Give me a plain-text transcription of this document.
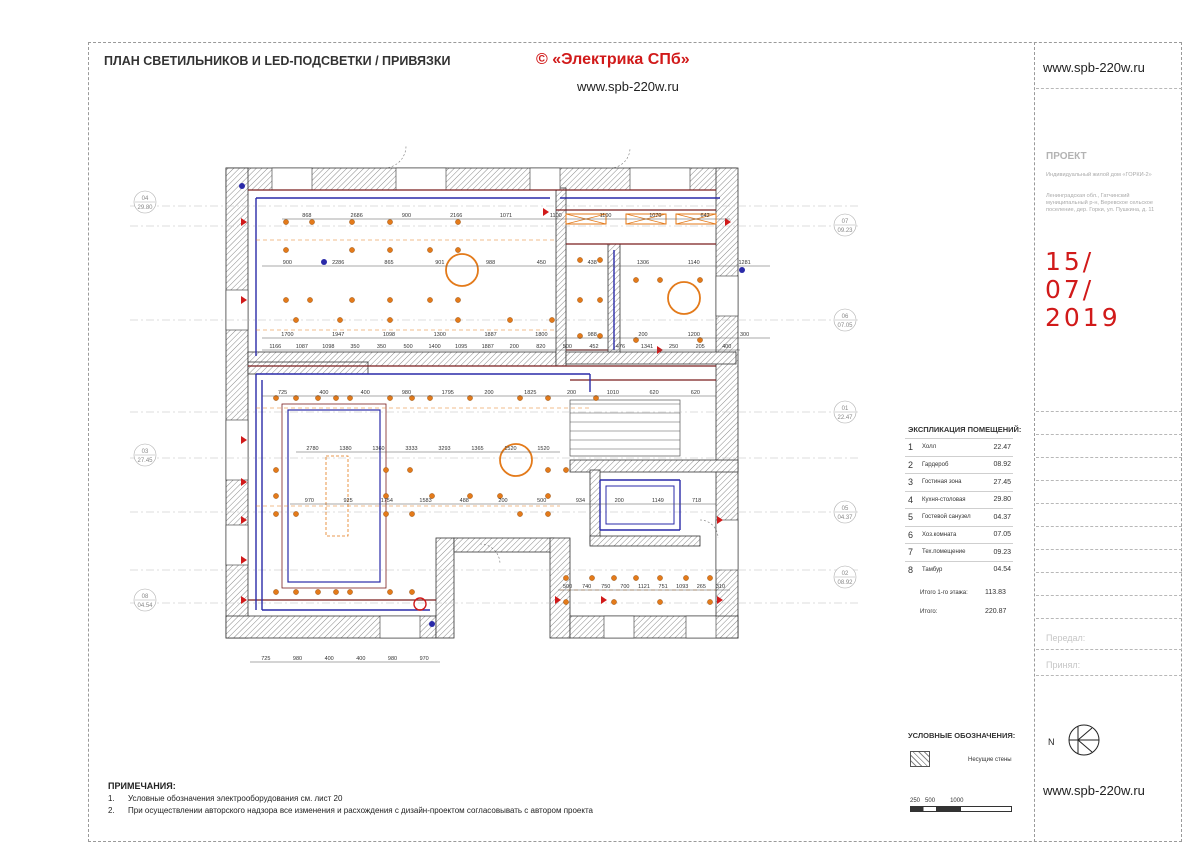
ПЛАН СВЕТИЛЬНИКОВ И LED-ПОДСВЕТКИ / ПРИВЯЗКИ	© «Электрика СПб»
www.spb-220w.ru
www.spb-220w.ru
ПРОЕКТ
Индивидуальный жилой дом «ГОРКИ-2»
Ленинградская обл., Гатчинский муниципальный р-н, Веревское сельское поселение, дер. Горки, ул. Пушкина, д. 11
15/
07/
2019
Передал:
Принял:
www.spb-220w.ru
ЭКСПЛИКАЦИЯ ПОМЕЩЕНИЙ:
1	Холл	22.47
2	Гардероб	08.92
3	Гостиная зона	27.45
4	Кухня-столовая	29.80
5	Гостевой санузел	04.37
6	Хоз.комната	07.05
7	Тех.помещение	09.23
8	Тамбур	04.54
Итого 1-го этажа: 113.83
Итого:	220.87
УСЛОВНЫЕ ОБОЗНАЧЕНИЯ:
Несущие стены
250 500	1000
N
ПРИМЕЧАНИЯ:
1. Условные обозначения электрооборудования см. лист 20
2. При осуществлении авторского надзора все изменения и расхождения с дизайн-проектом согласовывать с автором проекта
868	2686	900	2166	1071	1100	1100	1070	642
900	2286	865	901	988	450	438	1306	1140	1281
1700	1947	1098	1300	1887	1800	988	200	1200	300
725	400	400	980	1795	200	1825	200	1010	620	620
2780	1380	1360	3333	3293	1365	1520	1520
970	925	1754	1583	488	200	500	934	200	1149	718
500 740 750 700 1121 751 1093 265 310
725	980	400	400	980	970
1166	1087	1098	350	350	500	1400	1095	1887	200	820	500	452	476	1341	250	205	400
04
29.80
03
27.45
08
04.54
07
09.23
06
07.05
01
22.47
05
04.37
02
08.92
